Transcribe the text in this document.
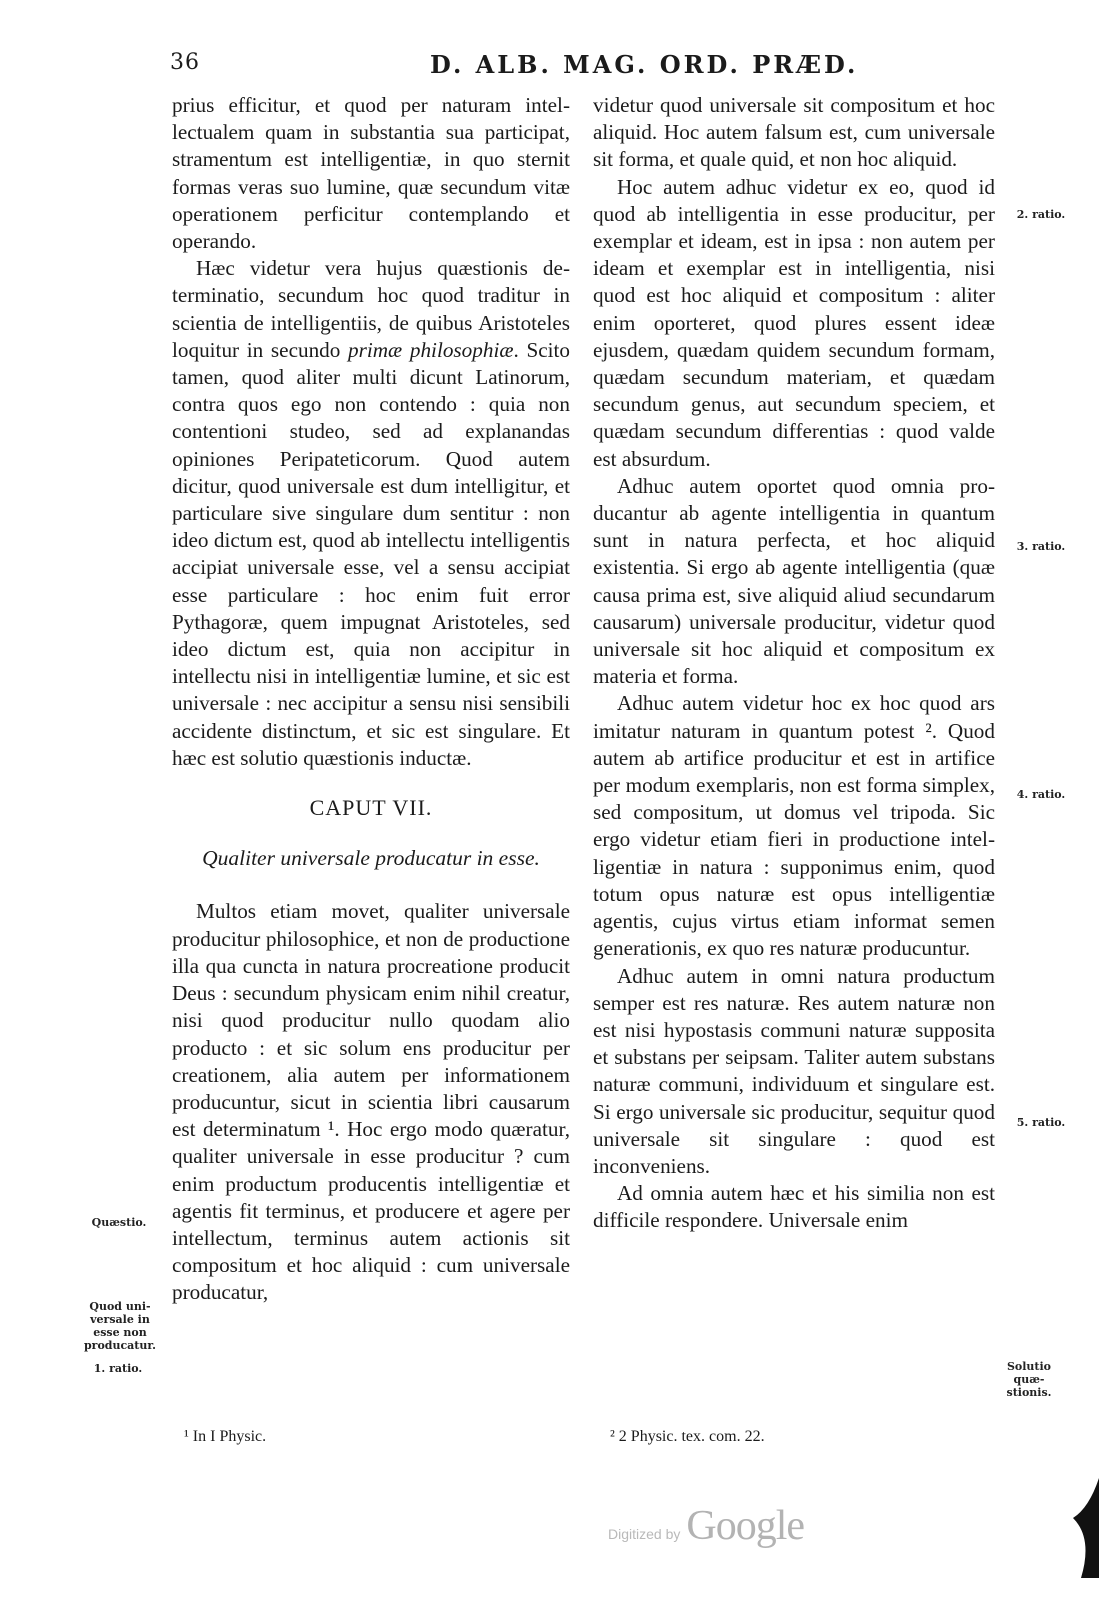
36	D. ALB. MAG. ORD. PRÆD.

prius efficitur, et quod per naturam intellectualem quam in substantia sua participat, stramentum est intelligentiæ, in quo sternit formas veras suo lumine, quæ secundum vitæ operationem perficitur contemplando et operando.

Hæc videtur vera hujus quæstionis determinatio, secundum hoc quod traditur in scientia de intelligentiis, de quibus Aristoteles loquitur in secundo primæ philosophiæ. Scito tamen, quod aliter multi dicunt Latinorum, contra quos ego non contendo : quia non contentioni studeo, sed ad explanandas opiniones Peripateticorum. Quod autem dicitur, quod universale est dum intelligitur, et particulare sive singulare dum sentitur : non ideo dictum est, quod ab intellectu intelligentis accipiat universale esse, vel a sensu accipiat esse particulare : hoc enim fuit error Pythagoræ, quem impugnat Aristoteles, sed ideo dictum est, quia non accipitur in intellectu nisi in intelligentiæ lumine, et sic est universale : nec accipitur a sensu nisi sensibili accidente distinctum, et sic est singulare. Et hæc est solutio quæstionis inductæ.

CAPUT VII.
Qualiter universale producatur in esse.

Multos etiam movet, qualiter universale producitur philosophice, et non de productione illa qua cuncta in natura procreatione producit Deus : secundum physicam enim nihil creatur, nisi quod producitur nullo quodam alio producto : et sic solum ens producitur per creationem, alia autem per informationem producuntur, sicut in scientia libri causarum est determinatum ¹. Hoc ergo modo quæratur, qualiter universale in esse producitur ? cum enim productum producentis intelligentiæ et agentis fit terminus, et producere et agere per intellectum, terminus autem actionis sit compositum et hoc aliquid : cum universale producatur,

videtur quod universale sit compositum et hoc aliquid. Hoc autem falsum est, cum universale sit forma, et quale quid, et non hoc aliquid.

Hoc autem adhuc videtur ex eo, quod id quod ab intelligentia in esse producitur, per exemplar et ideam, est in ipsa : non autem per ideam et exemplar est in intelligentia, nisi quod est hoc aliquid et compositum : aliter enim oporteret, quod plures essent ideæ ejusdem, quædam quidem secundum formam, quædam secundum materiam, et quædam secundum genus, aut secundum speciem, et quædam secundum differentias : quod valde est absurdum.

Adhuc autem oportet quod omnia producantur ab agente intelligentia in quantum sunt in natura perfecta, et hoc aliquid existentia. Si ergo ab agente intelligentia (quæ causa prima est, sive aliquid aliud secundarum causarum) universale producitur, videtur quod universale sit hoc aliquid et compositum ex materia et forma.

Adhuc autem videtur hoc ex hoc quod ars imitatur naturam in quantum potest ². Quod autem ab artifice producitur et est in artifice per modum exemplaris, non est forma simplex, sed compositum, ut domus vel tripoda. Sic ergo videtur etiam fieri in productione intelligentiæ in natura : supponimus enim, quod totum opus naturæ est opus intelligentiæ agentis, cujus virtus etiam informat semen generationis, ex quo res naturæ producuntur.

Adhuc autem in omni natura productum semper est res naturæ. Res autem naturæ non est nisi hypostasis communi naturæ supposita et substans per seipsam. Taliter autem substans naturæ communi, individuum et singulare est. Si ergo universale sic producitur, sequitur quod universale sit singulare : quod est inconveniens.

Ad omnia autem hæc et his similia non est difficile respondere. Universale enim

Quæstio.
Quod universale in esse non producatur.
1. ratio.
2. ratio.
3. ratio.
4. ratio.
5. ratio.
Solutio quæstionis.
¹ In I Physic.	² 2 Physic. tex. com. 22.
Digitized by Google
